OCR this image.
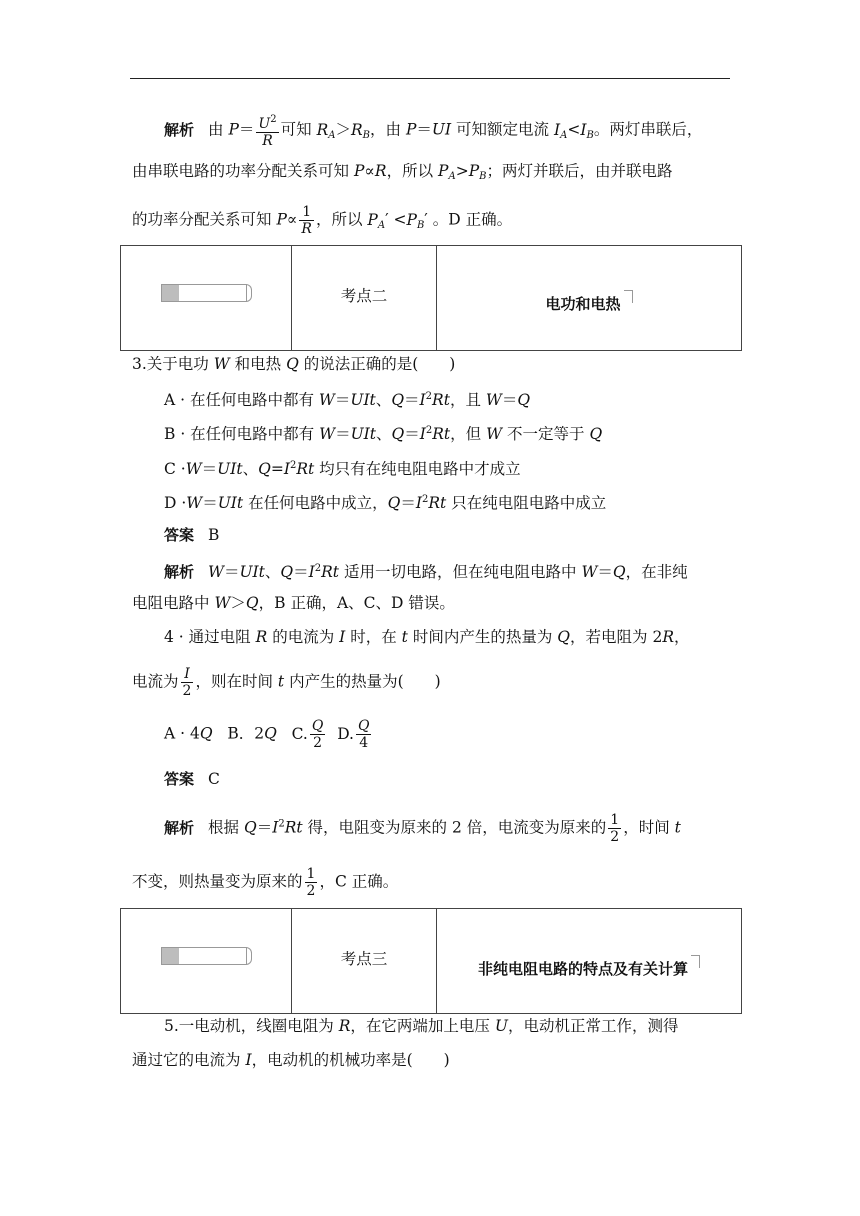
解析 由 $P= \frac{U^2}{R}$ 可知 $R_A>R_B$，由 P＝UI 可知额定电流 $I_A<I_B$。两灯串联后，
由串联电路的功率分配关系可知 P∝R，所以 $P_A>P_B$；两灯并联后，由并联电路
的功率分配关系可知 $P\propto \frac{1}{R}$ ，所以 $P_A' <P_B'$ 。D 正确。
考点二	电功和电热
3.关于电功 W 和电热 Q 的说法正确的是(　　)
A · 在任何电路中都有 W＝UIt、$Q=I^2Rt$，且 W＝Q
B · 在任何电路中都有 W＝UIt、$Q=I^2Rt$，但 W 不一定等于 Q
C ·W＝UIt、$Q=I^2Rt$ 均只有在纯电阻电路中才成立
D ·W＝UIt 在任何电路中成立，$Q=I^2Rt$ 只在纯电阻电路中成立
答案 B
解析 W＝UIt、$Q=I^2Rt$ 适用一切电路，但在纯电阻电路中 W＝Q，在非纯
电阻电路中 W＞Q，B 正确，A、C、D 错误。
4 · 通过电阻 R 的电流为 I 时，在 t 时间内产生的热量为 Q，若电阻为 2R，
电流为 $\frac{I}{2}$ ，则在时间 t 内产生的热量为(　　)
A · 4Q B．2Q C. $\frac{Q}{2} D$. $\frac{Q}{4}$
答案 C
解析 根据 $Q=I^2Rt$ 得，电阻变为原来的 2 倍，电流变为原来的 $\frac{1}{2}$ ，时间 t
不变，则热量变为原来的 $\frac{1}{2}$ ，C 正确。
考点三
非纯电阻电路的特点及有关计算
5.一电动机，线圈电阻为 R，在它两端加上电压 U，电动机正常工作，测得
通过它的电流为 I，电动机的机械功率是(　　)
